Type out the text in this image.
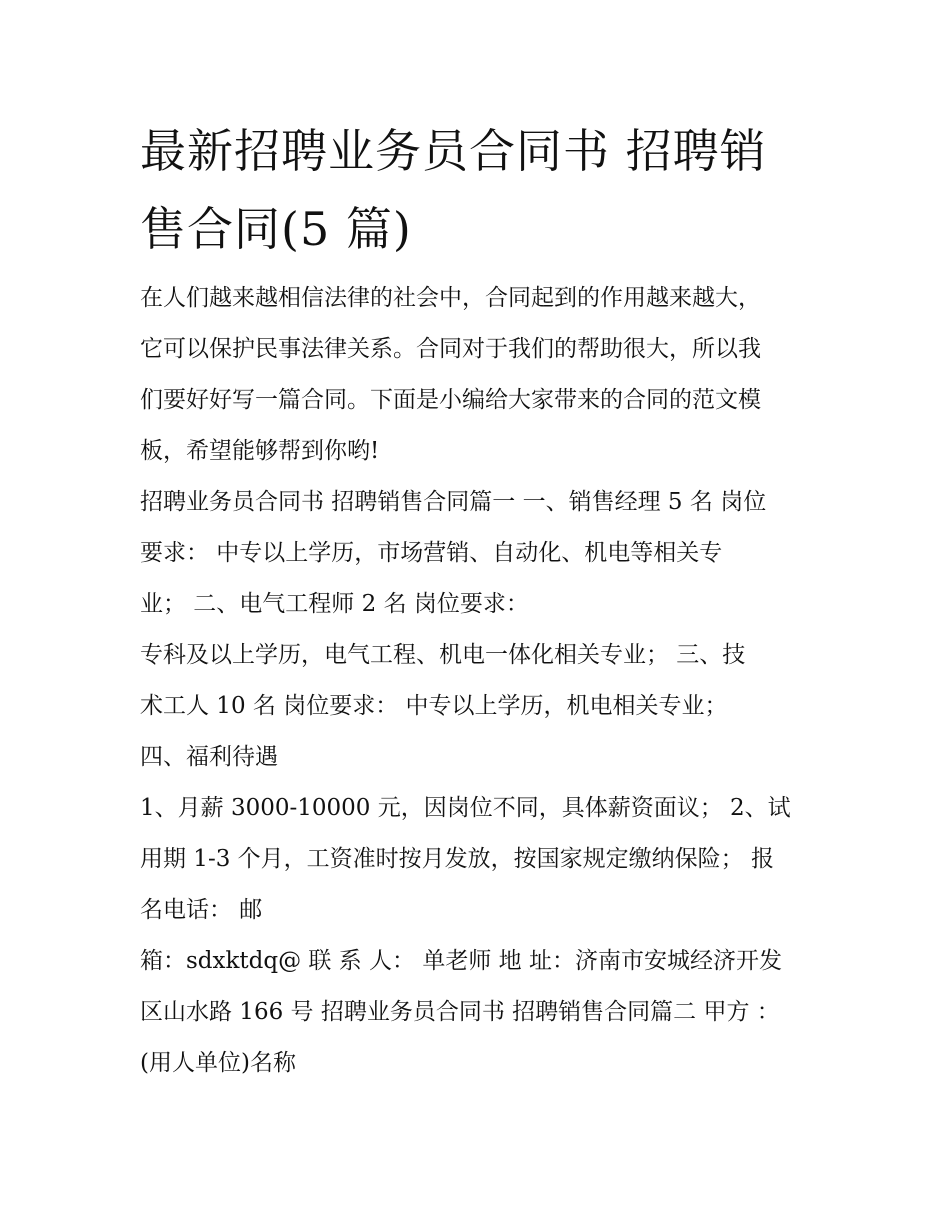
最新招聘业务员合同书 招聘销
售合同(5 篇)
在人们越来越相信法律的社会中，合同起到的作用越来越大，
它可以保护民事法律关系。合同对于我们的帮助很大，所以我
们要好好写一篇合同。下面是小编给大家带来的合同的范文模
板，希望能够帮到你哟!
招聘业务员合同书 招聘销售合同篇一 一、销售经理 5 名 岗位
要求： 中专以上学历，市场营销、自动化、机电等相关专
业； 二、电气工程师 2 名 岗位要求：
专科及以上学历，电气工程、机电一体化相关专业； 三、技
术工人 10 名 岗位要求： 中专以上学历，机电相关专业；
四、福利待遇
1、月薪 3000-10000 元，因岗位不同，具体薪资面议； 2、试
用期 1-3 个月，工资准时按月发放，按国家规定缴纳保险； 报
名电话： 邮
箱：sdxktdq@ 联 系 人： 单老师 地 址：济南市安城经济开发
区山水路 166 号 招聘业务员合同书 招聘销售合同篇二 甲方 ：
(用人单位)名称
